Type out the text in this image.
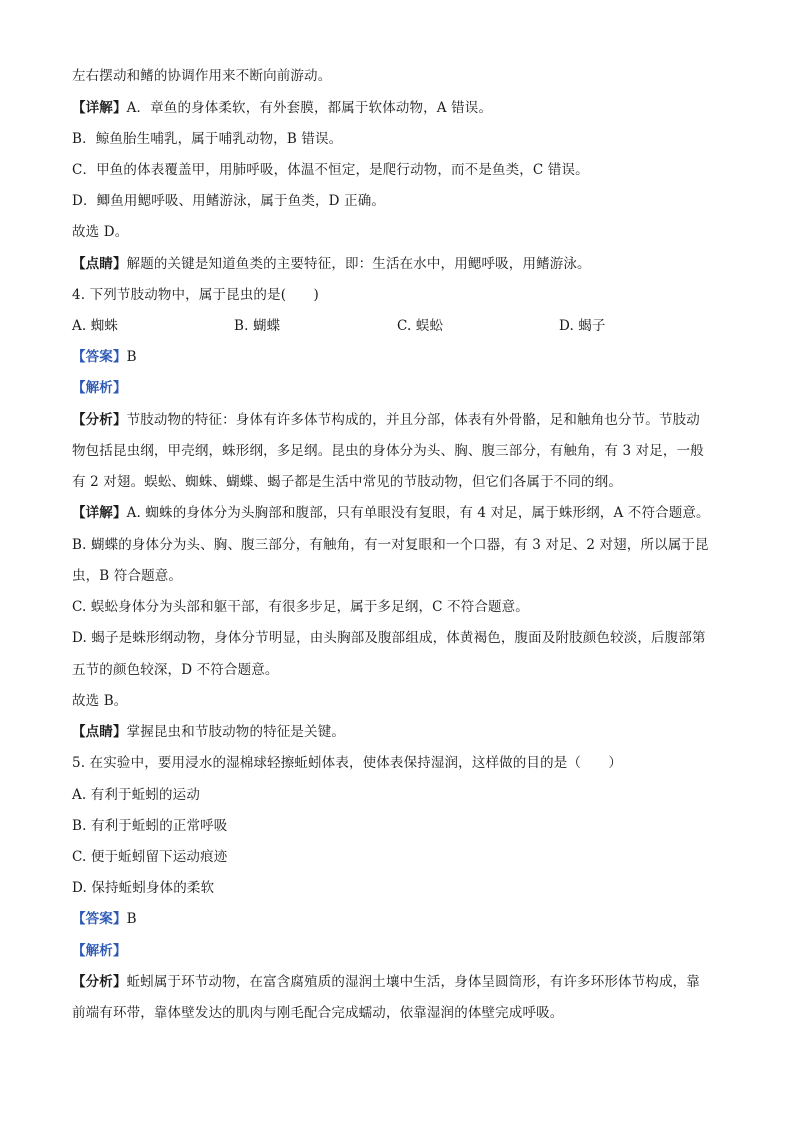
左右摆动和鳍的协调作用来不断向前游动。
【详解】A．章鱼的身体柔软，有外套膜，都属于软体动物，A 错误。
B．鲸鱼胎生哺乳，属于哺乳动物，B 错误。
C．甲鱼的体表覆盖甲，用肺呼吸，体温不恒定，是爬行动物，而不是鱼类，C 错误。
D．鲫鱼用鳃呼吸、用鳍游泳，属于鱼类，D 正确。
故选 D。
【点睛】解题的关键是知道鱼类的主要特征，即：生活在水中，用鳃呼吸，用鳍游泳。
4. 下列节肢动物中，属于昆虫的是(　　)
A. 蜘蛛	B. 蝴蝶	C. 蜈蚣	D. 蝎子
【答案】B
【解析】
【分析】节肢动物的特征：身体有许多体节构成的，并且分部，体表有外骨骼，足和触角也分节。节肢动
物包括昆虫纲，甲壳纲，蛛形纲，多足纲。昆虫的身体分为头、胸、腹三部分，有触角，有 3 对足，一般
有 2 对翅。蜈蚣、蜘蛛、蝴蝶、蝎子都是生活中常见的节肢动物，但它们各属于不同的纲。
【详解】A. 蜘蛛的身体分为头胸部和腹部，只有单眼没有复眼，有 4 对足，属于蛛形纲，A 不符合题意。
B. 蝴蝶的身体分为头、胸、腹三部分，有触角，有一对复眼和一个口器，有 3 对足、2 对翅，所以属于昆
虫，B 符合题意。
C. 蜈蚣身体分为头部和躯干部，有很多步足，属于多足纲，C 不符合题意。
D. 蝎子是蛛形纲动物，身体分节明显，由头胸部及腹部组成，体黄褐色，腹面及附肢颜色较淡，后腹部第
五节的颜色较深，D 不符合题意。
故选 B。
【点睛】掌握昆虫和节肢动物的特征是关键。
5. 在实验中，要用浸水的湿棉球轻擦蚯蚓体表，使体表保持湿润，这样做的目的是（　　）
A. 有利于蚯蚓的运动
B. 有利于蚯蚓的正常呼吸
C. 便于蚯蚓留下运动痕迹
D. 保持蚯蚓身体的柔软
【答案】B
【解析】
【分析】蚯蚓属于环节动物，在富含腐殖质的湿润土壤中生活，身体呈圆筒形，有许多环形体节构成，靠
前端有环带，靠体壁发达的肌肉与刚毛配合完成蠕动，依靠湿润的体壁完成呼吸。
